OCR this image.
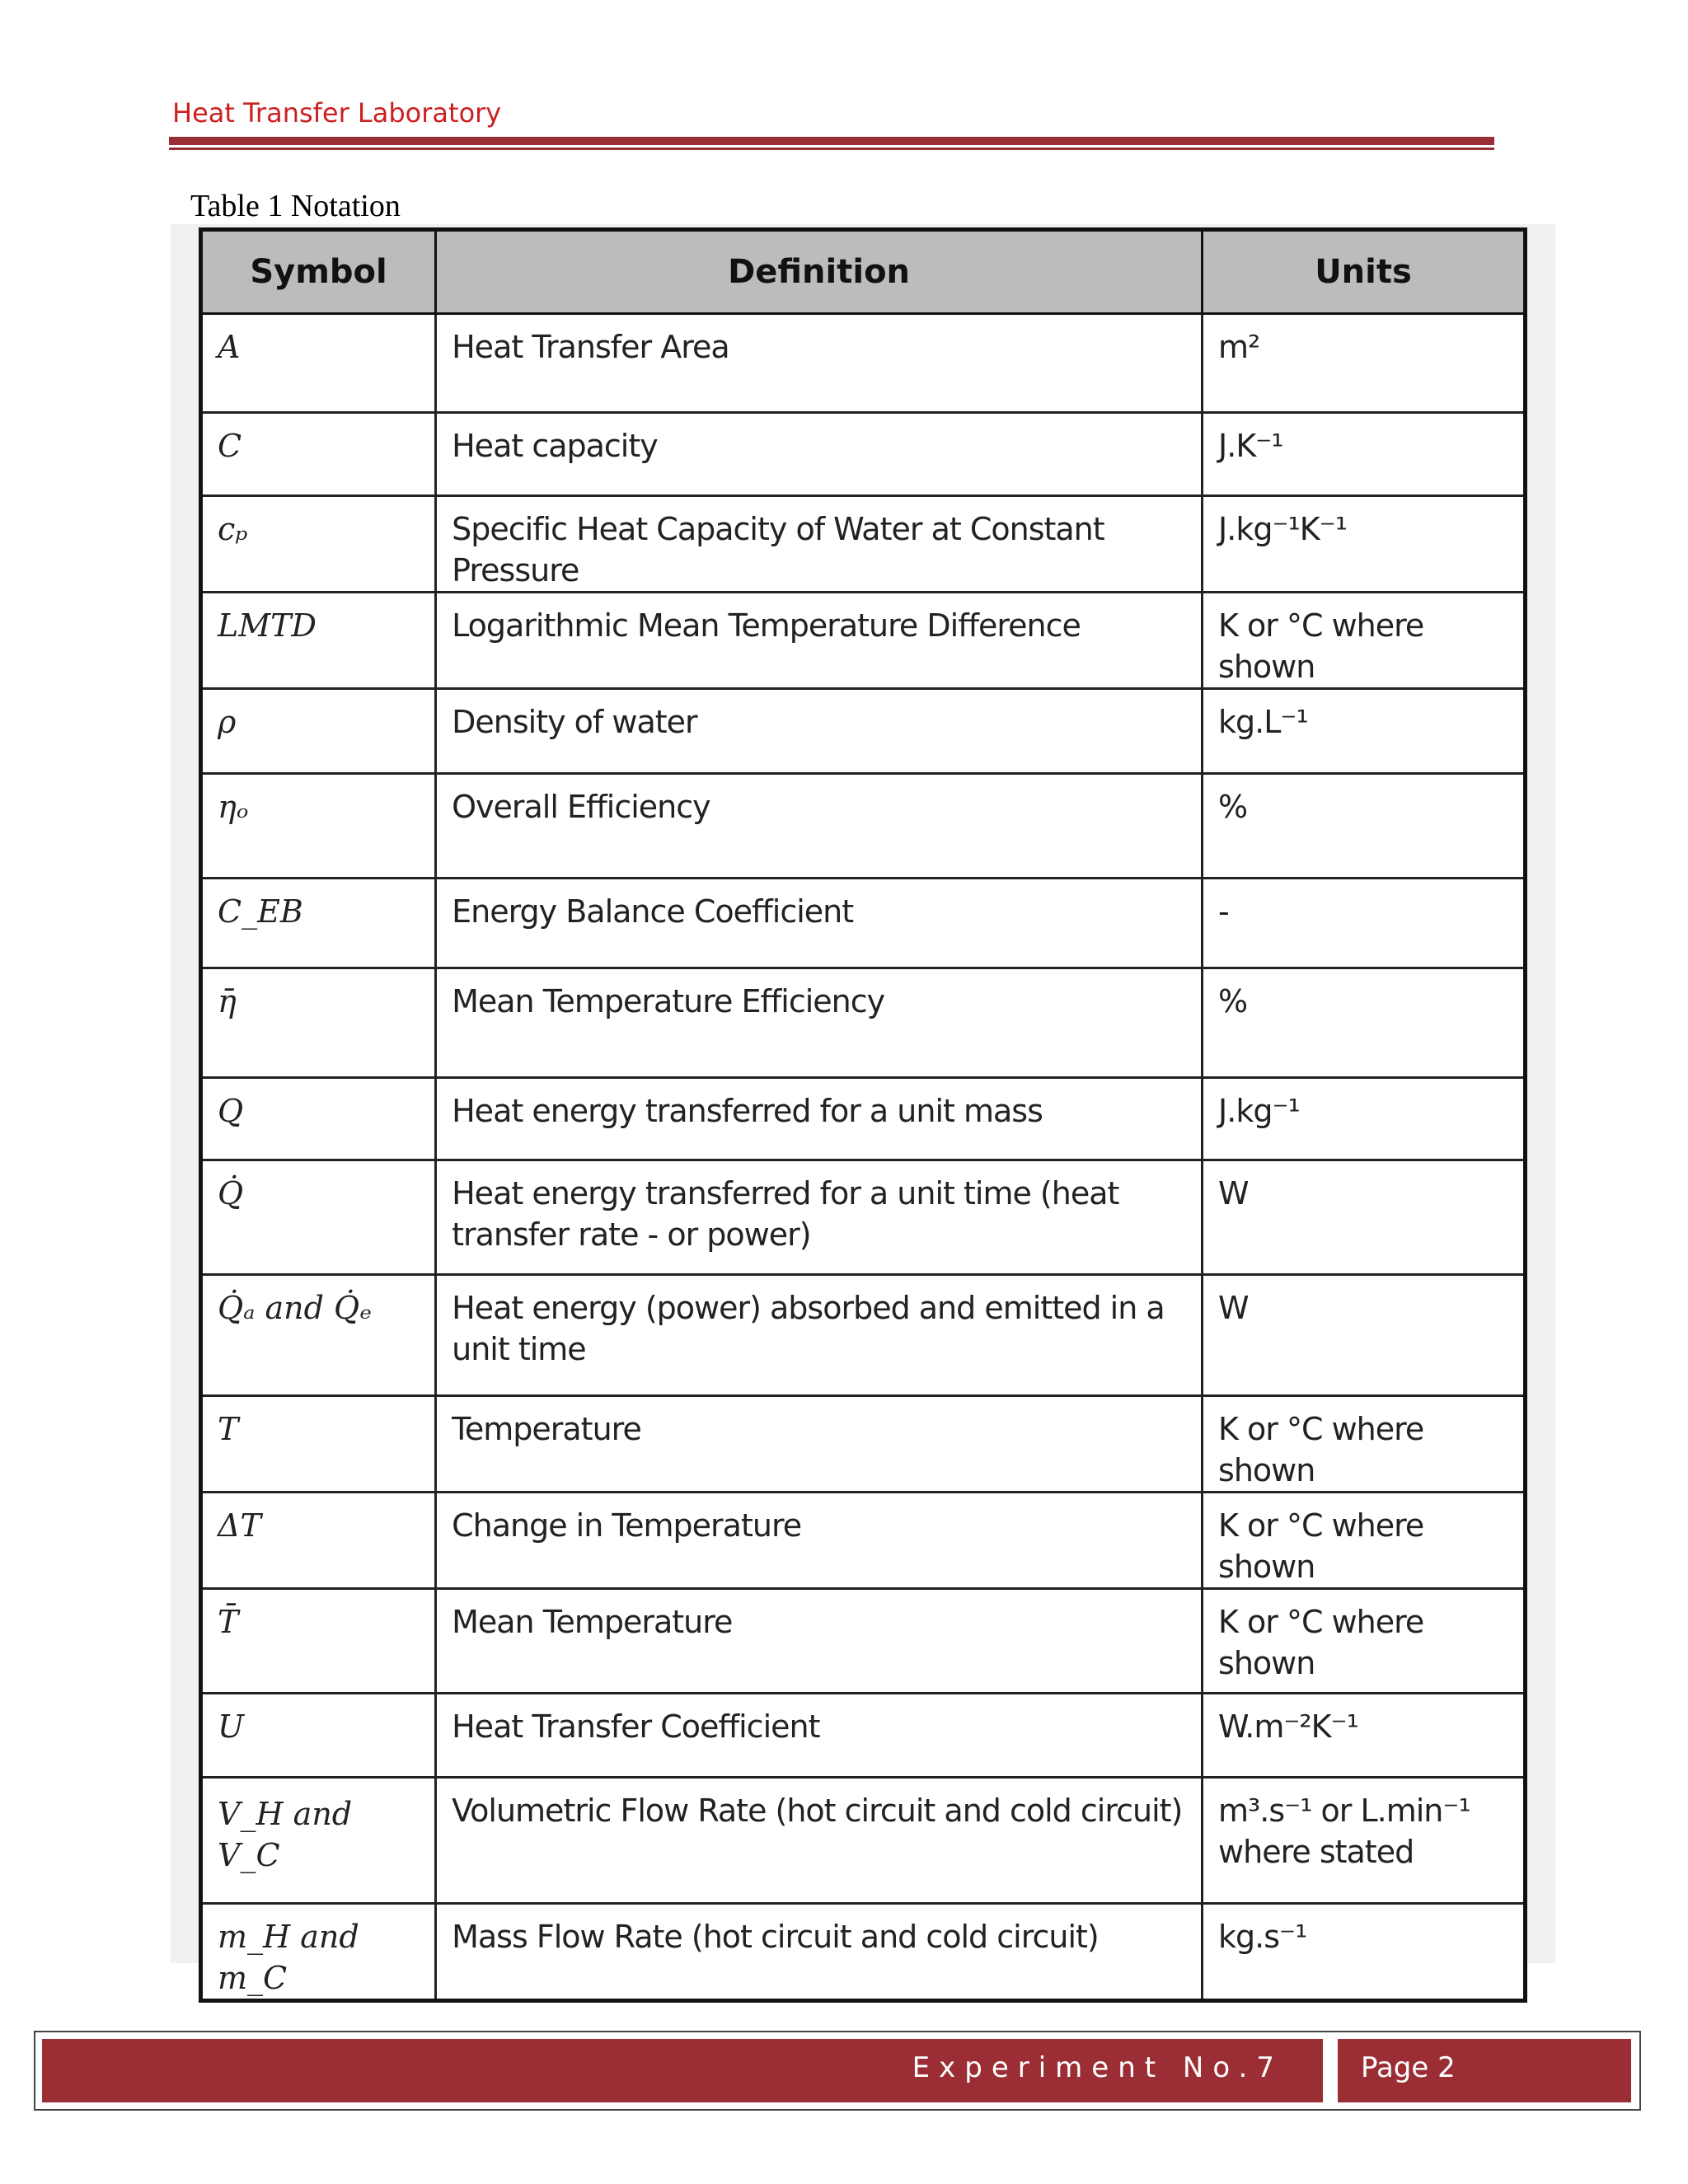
Heat Transfer Laboratory
Table 1 Notation
Symbol	Definition	Units
A	Heat Transfer Area	m²
C	Heat capacity	J.K⁻¹
cₚ	Specific Heat Capacity of Water at Constant Pressure	J.kg⁻¹K⁻¹
LMTD	Logarithmic Mean Temperature Difference	K or °C where shown
ρ	Density of water	kg.L⁻¹
ηₒ	Overall Efficiency	%
C_EB	Energy Balance Coefficient	-
η̄	Mean Temperature Efficiency	%
Q	Heat energy transferred for a unit mass	J.kg⁻¹
Q̇	Heat energy transferred for a unit time (heat transfer rate - or power)	W
Q̇ₐ and Q̇ₑ	Heat energy (power) absorbed and emitted in a unit time	W
T	Temperature	K or °C where shown
ΔT	Change in Temperature	K or °C where shown
T̄	Mean Temperature	K or °C where shown
U	Heat Transfer Coefficient	W.m⁻²K⁻¹
V_H and V_C	Volumetric Flow Rate (hot circuit and cold circuit)	m³.s⁻¹ or L.min⁻¹ where stated
m_H and m_C	Mass Flow Rate (hot circuit and cold circuit)	kg.s⁻¹
Experiment No.7	Page 2
